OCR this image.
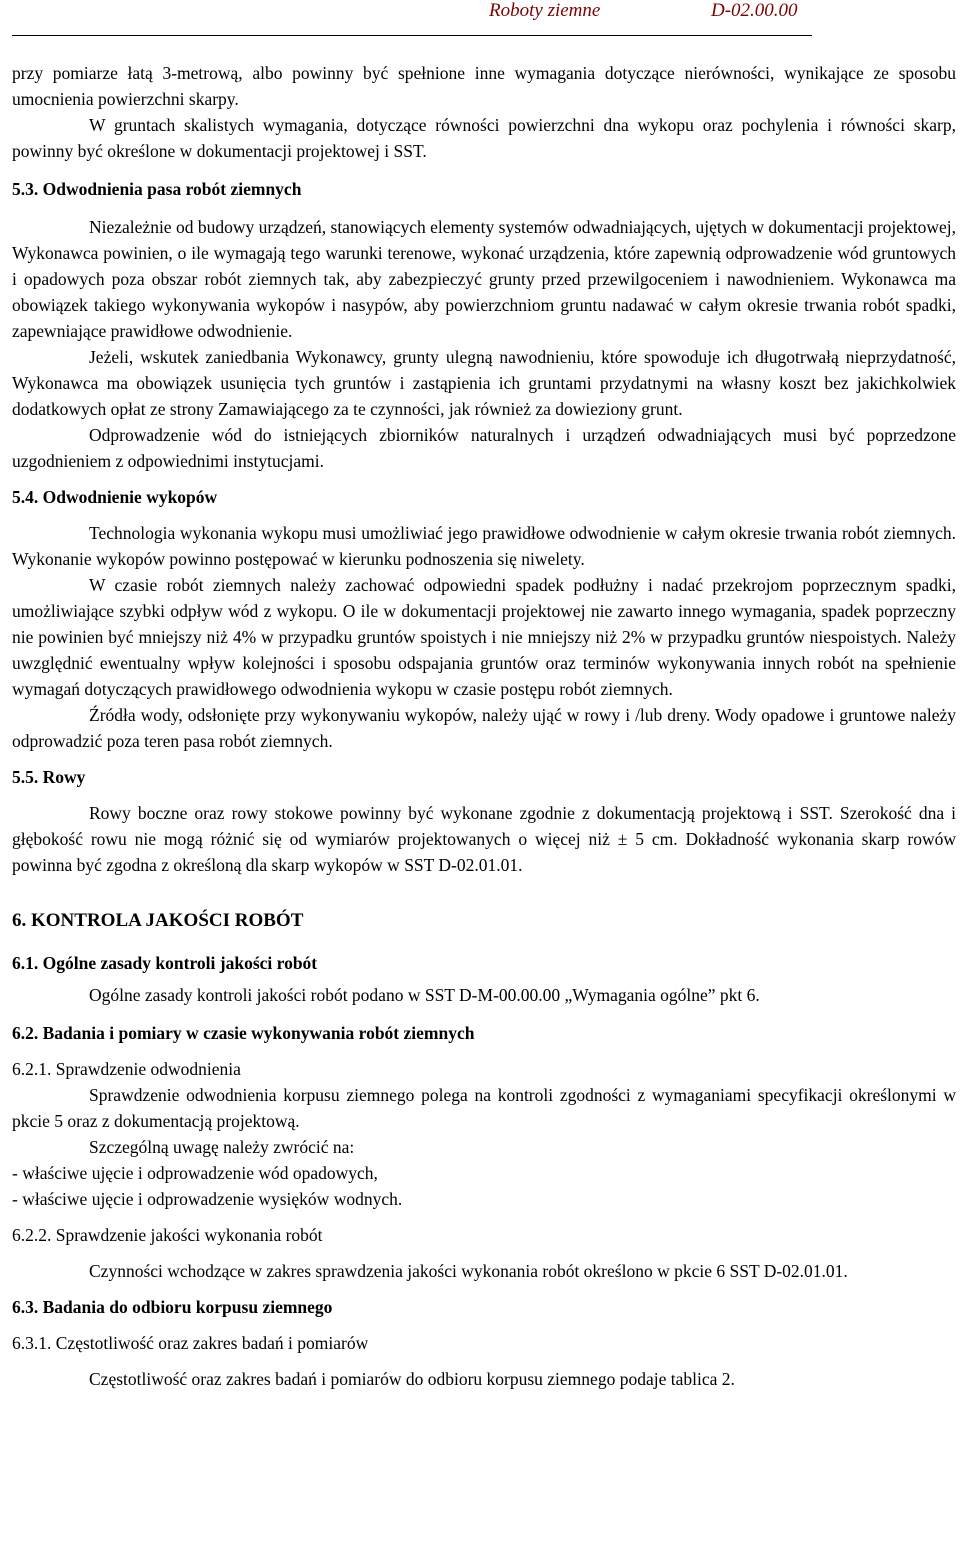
Roboty ziemne	D-02.00.00

przy pomiarze łatą 3-metrową, albo powinny być spełnione inne wymagania dotyczące nierówności, wynikające ze sposobu umocnienia powierzchni skarpy.

W gruntach skalistych wymagania, dotyczące równości powierzchni dna wykopu oraz pochylenia i równości skarp, powinny być określone w dokumentacji projektowej i SST.

5.3. Odwodnienia pasa robót ziemnych

Niezależnie od budowy urządzeń, stanowiących elementy systemów odwadniających, ujętych w dokumentacji projektowej, Wykonawca powinien, o ile wymagają tego warunki terenowe, wykonać urządzenia, które zapewnią odprowadzenie wód gruntowych i opadowych poza obszar robót ziemnych tak, aby zabezpieczyć grunty przed przewilgoceniem i nawodnieniem. Wykonawca ma obowiązek takiego wykonywania wykopów i nasypów, aby powierzchniom gruntu nadawać w całym okresie trwania robót spadki, zapewniające prawidłowe odwodnienie.

Jeżeli, wskutek zaniedbania Wykonawcy, grunty ulegną nawodnieniu, które spowoduje ich długotrwałą nieprzydatność, Wykonawca ma obowiązek usunięcia tych gruntów i zastąpienia ich gruntami przydatnymi na własny koszt bez jakichkolwiek dodatkowych opłat ze strony Zamawiającego za te czynności, jak również za dowieziony grunt.

Odprowadzenie wód do istniejących zbiorników naturalnych i urządzeń odwadniających musi być poprzedzone uzgodnieniem z odpowiednimi instytucjami.

5.4. Odwodnienie wykopów

Technologia wykonania wykopu musi umożliwiać jego prawidłowe odwodnienie w całym okresie trwania robót ziemnych. Wykonanie wykopów powinno postępować w kierunku podnoszenia się niwelety.

W czasie robót ziemnych należy zachować odpowiedni spadek podłużny i nadać przekrojom poprzecznym spadki, umożliwiające szybki odpływ wód z wykopu. O ile w dokumentacji projektowej nie zawarto innego wymagania, spadek poprzeczny nie powinien być mniejszy niż 4% w przypadku gruntów spoistych i nie mniejszy niż 2% w przypadku gruntów niespoistych. Należy uwzględnić ewentualny wpływ kolejności i sposobu odspajania gruntów oraz terminów wykonywania innych robót na spełnienie wymagań dotyczących prawidłowego odwodnienia wykopu w czasie postępu robót ziemnych.

Źródła wody, odsłonięte przy wykonywaniu wykopów, należy ująć w rowy i /lub dreny. Wody opadowe i gruntowe należy odprowadzić poza teren pasa robót ziemnych.

5.5. Rowy

Rowy boczne oraz rowy stokowe powinny być wykonane zgodnie z dokumentacją projektową i SST. Szerokość dna i głębokość rowu nie mogą różnić się od wymiarów projektowanych o więcej niż ± 5 cm. Dokładność wykonania skarp rowów powinna być zgodna z określoną dla skarp wykopów w SST D-02.01.01.

6. KONTROLA JAKOŚCI ROBÓT
6.1. Ogólne zasady kontroli jakości robót

Ogólne zasady kontroli jakości robót podano w SST D-M-00.00.00 „Wymagania ogólne” pkt 6.

6.2. Badania i pomiary w czasie wykonywania robót ziemnych

6.2.1. Sprawdzenie odwodnienia

Sprawdzenie odwodnienia korpusu ziemnego polega na kontroli zgodności z wymaganiami specyfikacji określonymi w pkcie 5 oraz z dokumentacją projektową.

Szczególną uwagę należy zwrócić na:

- właściwe ujęcie i odprowadzenie wód opadowych,

- właściwe ujęcie i odprowadzenie wysięków wodnych.

6.2.2. Sprawdzenie jakości wykonania robót

Czynności wchodzące w zakres sprawdzenia jakości wykonania robót określono w pkcie 6 SST D-02.01.01.

6.3. Badania do odbioru korpusu ziemnego

6.3.1. Częstotliwość oraz zakres badań i pomiarów

Częstotliwość oraz zakres badań i pomiarów do odbioru korpusu ziemnego podaje tablica 2.
